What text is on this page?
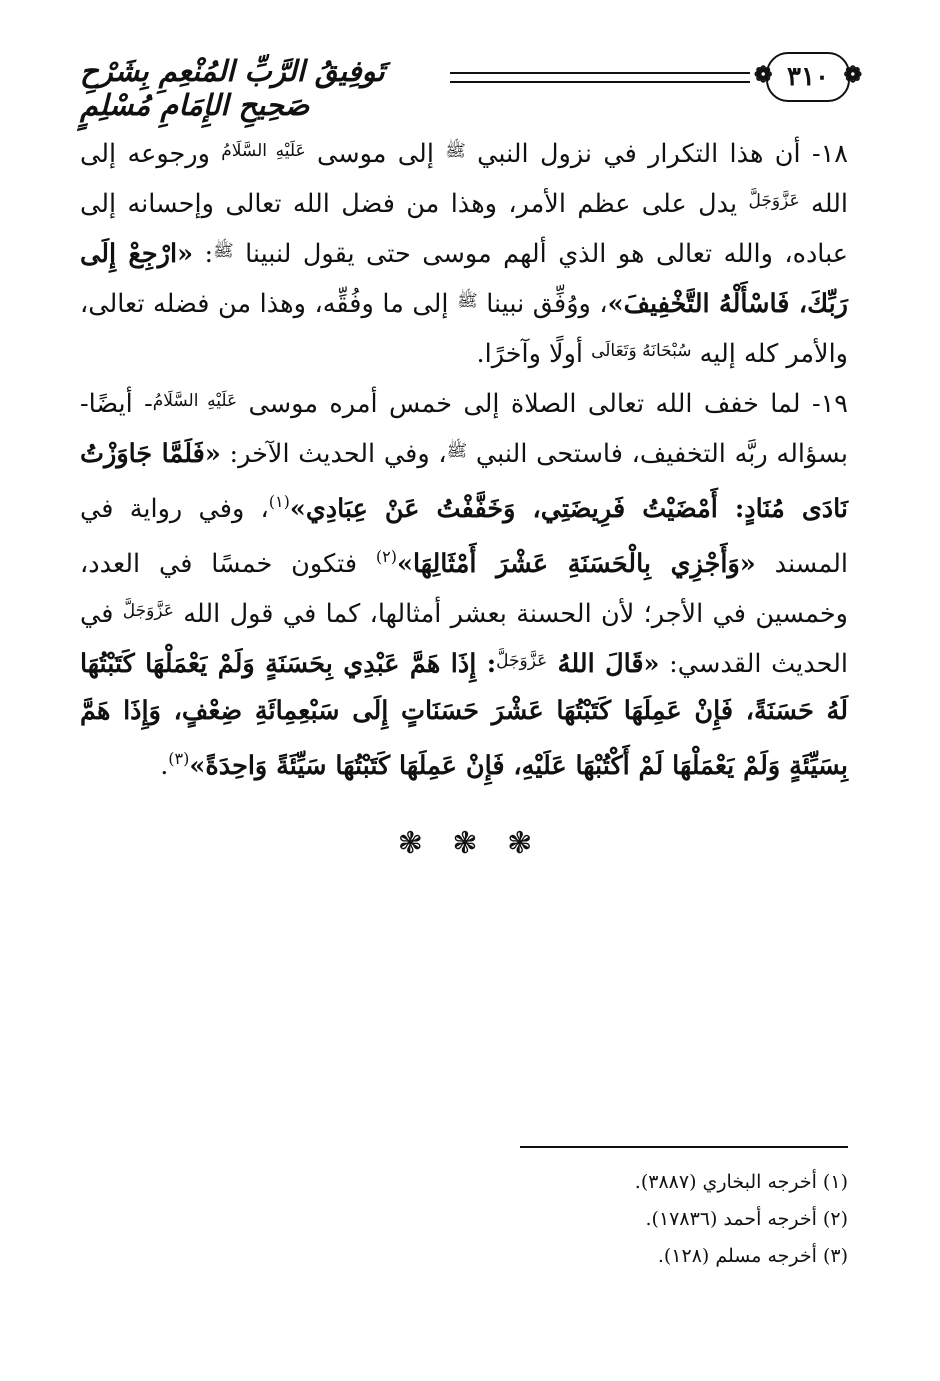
❁ ٣١٠ ❁
تَوفِيقُ الرَّبِّ المُنْعِمِ بِشَرْحِ صَحِيحِ الإِمَامِ مُسْلِمٍ

١٨- أن هذا التكرار في نزول النبي $^ﷺ$ إلى موسى $^{عَلَيْهِ السَّلَامُ}$ ورجوعه إلى الله $^{عَزَّوَجَلَّ}$ يدل على عظم الأمر، وهذا من فضل الله تعالى وإحسانه إلى عباده، والله تعالى هو الذي ألهم موسى حتى يقول لنبينا $^ﷺ$: «ارْجِعْ إِلَى رَبِّكَ، فَاسْأَلْهُ التَّخْفِيفَ»، ووُفِّق نبينا $^ﷺ$ إلى ما وفُقِّه، وهذا من فضله تعالى، والأمر كله إليه $^{سُبْحَانَهُ وَتَعَالَى}$ أولًا وآخرًا.

١٩- لما خفف الله تعالى الصلاة إلى خمس أمره موسى $^{عَلَيْهِ السَّلَامُ}$- أيضًا- بسؤاله ربَّه التخفيف، فاستحى النبي $^ﷺ$، وفي الحديث الآخر: «فَلَمَّا جَاوَزْتُ نَادَى مُنَادٍ: أَمْضَيْتُ فَرِيضَتِي، وَخَفَّفْتُ عَنْ عِبَادِي»$^{(١)}$، وفي رواية في المسند «وَأَجْزِي بِالْحَسَنَةِ عَشْرَ أَمْثَالِهَا»$^{(٢)}$ فتكون خمسًا في العدد، وخمسين في الأجر؛ لأن الحسنة بعشر أمثالها، كما في قول الله $^{عَزَّوَجَلَّ}$ في الحديث القدسي: «قَالَ اللهُ $^{عَزَّوَجَلَّ}$: إِذَا هَمَّ عَبْدِي بِحَسَنَةٍ وَلَمْ يَعْمَلْهَا كَتَبْتُهَا لَهُ حَسَنَةً، فَإِنْ عَمِلَهَا كَتَبْتُهَا عَشْرَ حَسَنَاتٍ إِلَى سَبْعِمِائَةِ ضِعْفٍ، وَإِذَا هَمَّ بِسَيِّئَةٍ وَلَمْ يَعْمَلْهَا لَمْ أَكْتُبْهَا عَلَيْهِ، فَإِنْ عَمِلَهَا كَتَبْتُهَا سَيِّئَةً وَاحِدَةً»$^{(٣)}$.

❃ ❃ ❃

(١) أخرجه البخاري (٣٨٨٧).

(٢) أخرجه أحمد (١٧٨٣٦).

(٣) أخرجه مسلم (١٢٨).
